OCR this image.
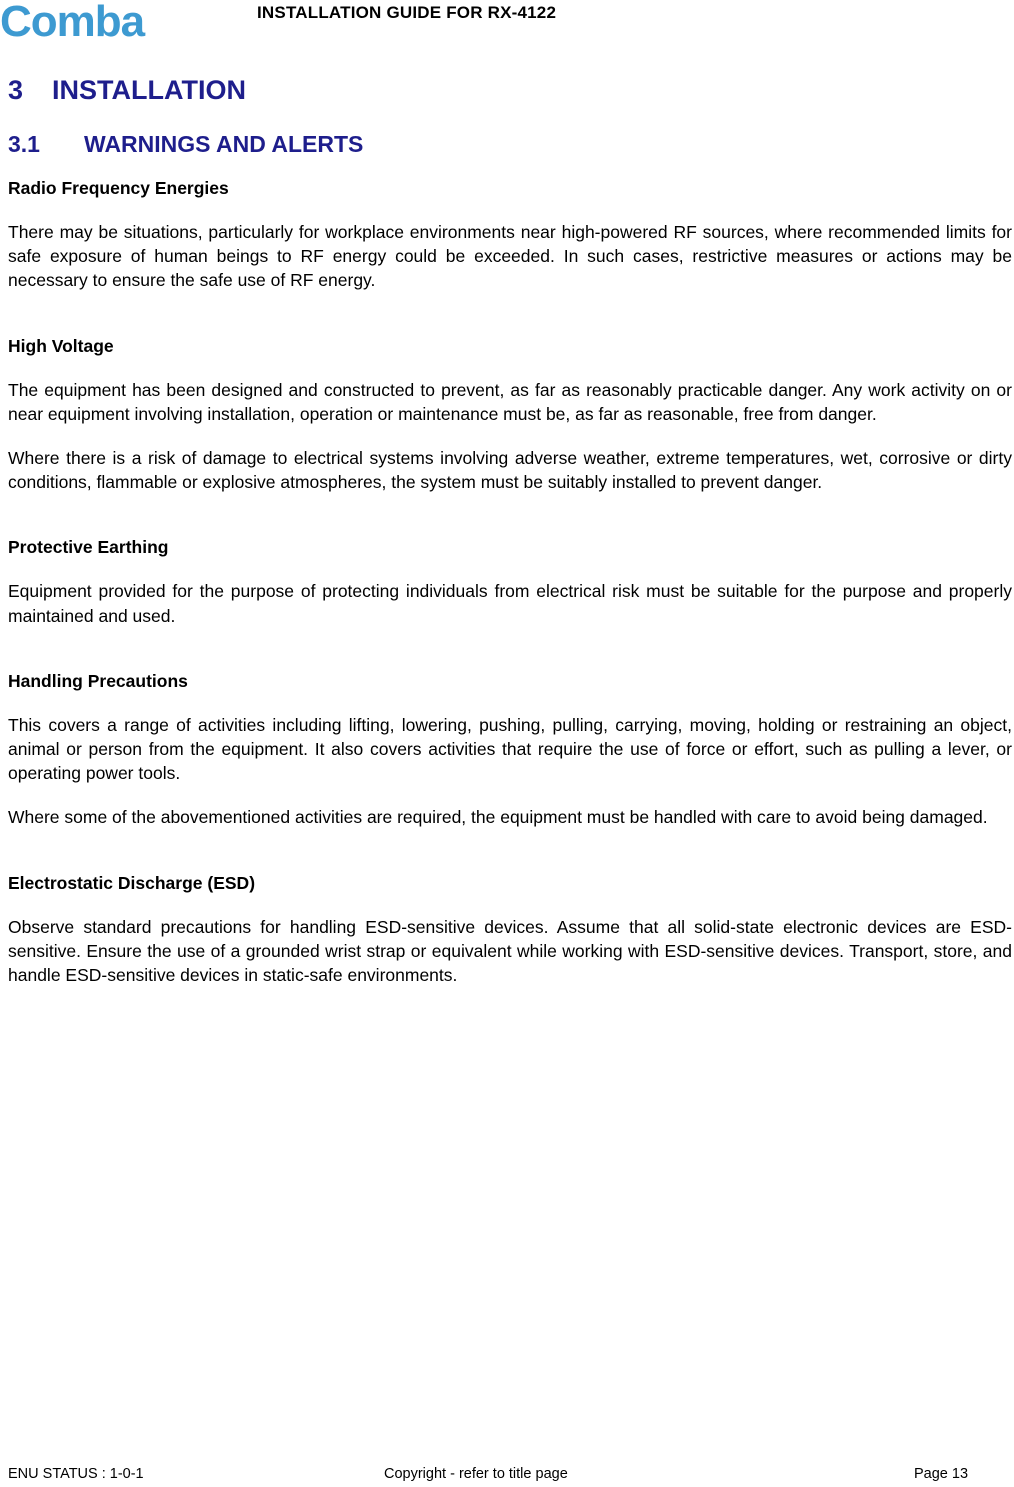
Comba	INSTALLATION GUIDE FOR RX-4122
3 INSTALLATION
3.1 WARNINGS AND ALERTS
Radio Frequency Energies

There may be situations, particularly for workplace environments near high-powered RF sources, where recommended limits for safe exposure of human beings to RF energy could be exceeded. In such cases, restrictive measures or actions may be necessary to ensure the safe use of RF energy.

High Voltage

The equipment has been designed and constructed to prevent, as far as reasonably practicable danger. Any work activity on or near equipment involving installation, operation or maintenance must be, as far as reasonable, free from danger.

Where there is a risk of damage to electrical systems involving adverse weather, extreme temperatures, wet, corrosive or dirty conditions, flammable or explosive atmospheres, the system must be suitably installed to prevent danger.

Protective Earthing

Equipment provided for the purpose of protecting individuals from electrical risk must be suitable for the purpose and properly maintained and used.

Handling Precautions

This covers a range of activities including lifting, lowering, pushing, pulling, carrying, moving, holding or restraining an object, animal or person from the equipment. It also covers activities that require the use of force or effort, such as pulling a lever, or operating power tools.

Where some of the abovementioned activities are required, the equipment must be handled with care to avoid being damaged.

Electrostatic Discharge (ESD)

Observe standard precautions for handling ESD-sensitive devices. Assume that all solid-state electronic devices are ESD-sensitive. Ensure the use of a grounded wrist strap or equivalent while working with ESD-sensitive devices. Transport, store, and handle ESD-sensitive devices in static-safe environments.

ENU STATUS : 1-0-1	Copyright - refer to title page	Page 13
